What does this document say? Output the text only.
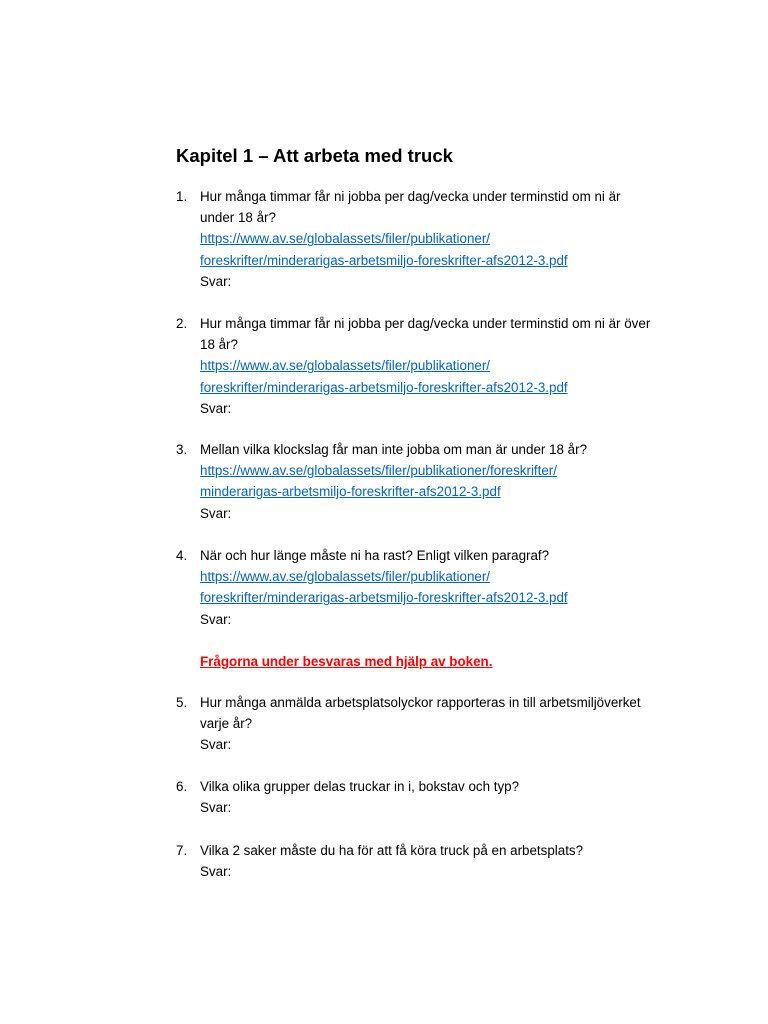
Kapitel 1 – Att arbeta med truck
1. Hur många timmar får ni jobba per dag/vecka under terminstid om ni är under 18 år?
https://www.av.se/globalassets/filer/publikationer/
foreskrifter/minderarigas-arbetsmiljo-foreskrifter-afs2012-3.pdf
Svar:
2. Hur många timmar får ni jobba per dag/vecka under terminstid om ni är över 18 år?
https://www.av.se/globalassets/filer/publikationer/
foreskrifter/minderarigas-arbetsmiljo-foreskrifter-afs2012-3.pdf
Svar:
3. Mellan vilka klockslag får man inte jobba om man är under 18 år?
https://www.av.se/globalassets/filer/publikationer/foreskrifter/
minderarigas-arbetsmiljo-foreskrifter-afs2012-3.pdf
Svar:
4. När och hur länge måste ni ha rast? Enligt vilken paragraf?
https://www.av.se/globalassets/filer/publikationer/
foreskrifter/minderarigas-arbetsmiljo-foreskrifter-afs2012-3.pdf
Svar:
Frågorna under besvaras med hjälp av boken.
5. Hur många anmälda arbetsplatsolyckor rapporteras in till arbetsmiljöverket varje år?
Svar:
6. Vilka olika grupper delas truckar in i, bokstav och typ?
Svar:
7. Vilka 2 saker måste du ha för att få köra truck på en arbetsplats?
Svar:
